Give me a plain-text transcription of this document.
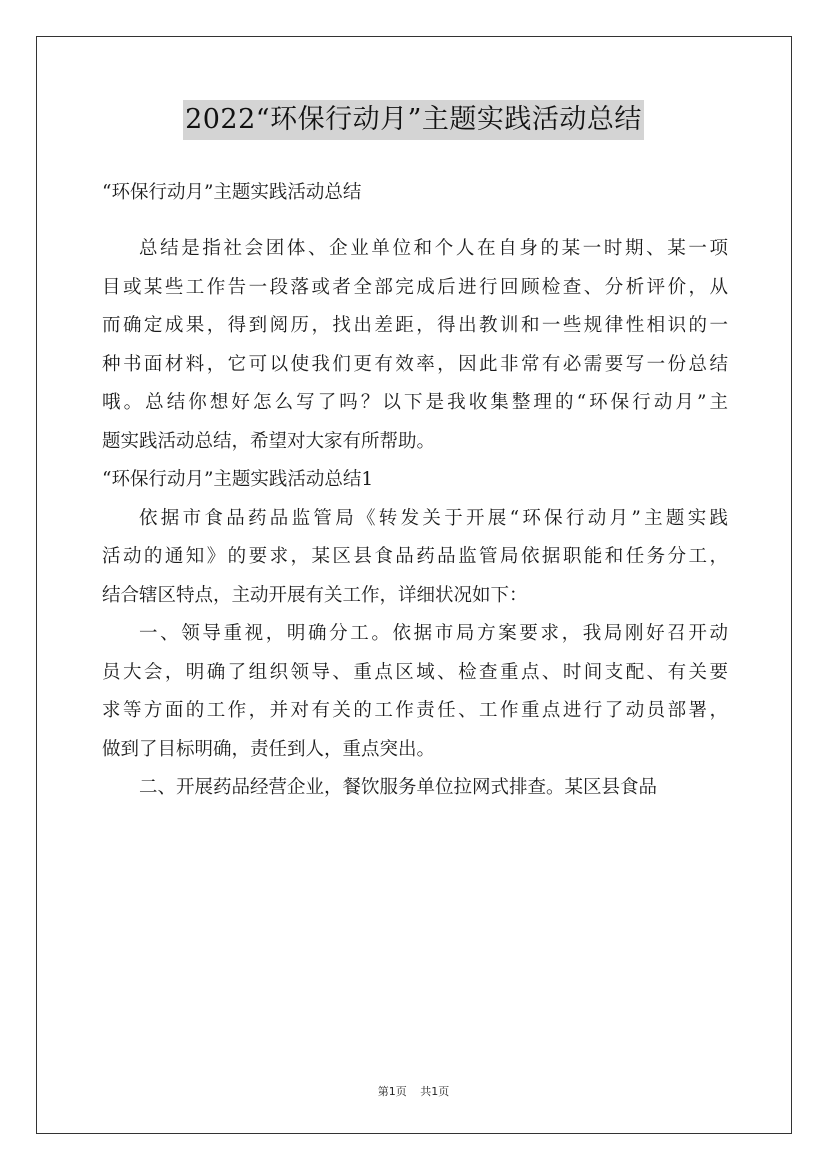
2022“环保行动月”主题实践活动总结
“环保行动月”主题实践活动总结
总结是指社会团体、企业单位和个人在自身的某一时期、某一项
目或某些工作告一段落或者全部完成后进行回顾检查、分析评价，从
而确定成果，得到阅历，找出差距，得出教训和一些规律性相识的一
种书面材料，它可以使我们更有效率，因此非常有必需要写一份总结
哦。总结你想好怎么写了吗？以下是我收集整理的“环保行动月”主
题实践活动总结，希望对大家有所帮助。
“环保行动月”主题实践活动总结1
依据市食品药品监管局《转发关于开展“环保行动月”主题实践
活动的通知》的要求，某区县食品药品监管局依据职能和任务分工，
结合辖区特点，主动开展有关工作，详细状况如下：
一、领导重视，明确分工。依据市局方案要求，我局刚好召开动
员大会，明确了组织领导、重点区域、检查重点、时间支配、有关要
求等方面的工作，并对有关的工作责任、工作重点进行了动员部署，
做到了目标明确，责任到人，重点突出。
二、开展药品经营企业，餐饮服务单位拉网式排查。某区县食品
第1页 共1页
